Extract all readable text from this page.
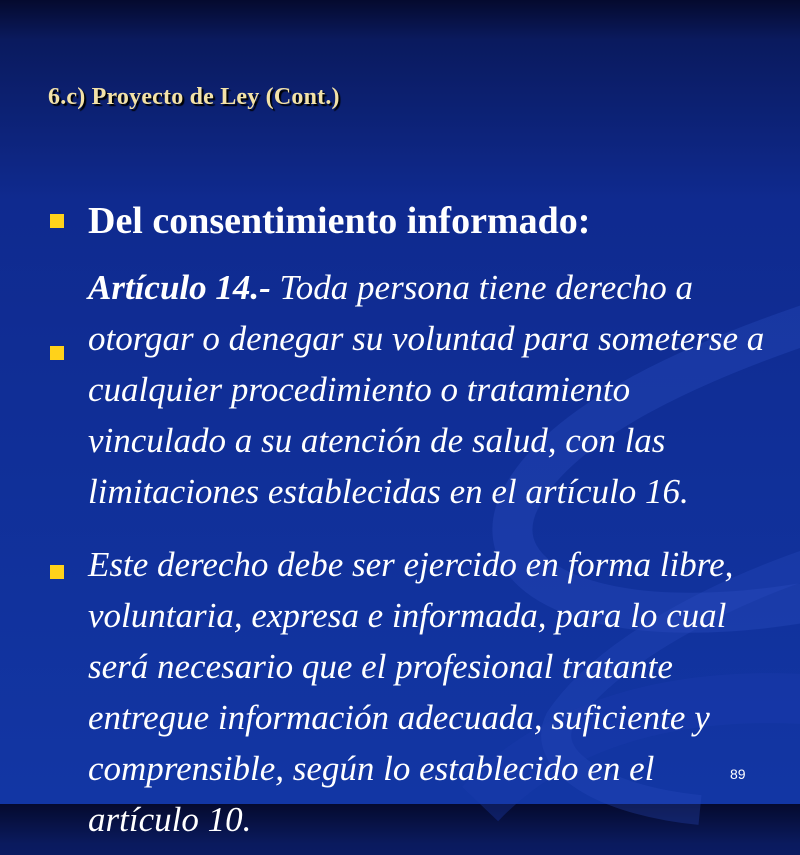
6.c) Proyecto de Ley (Cont.)
Del consentimiento informado:
Artículo 14.- Toda persona tiene derecho a otorgar o denegar su voluntad para someterse a cualquier procedimiento o tratamiento vinculado a su atención de salud, con las limitaciones establecidas en el artículo 16.
Este derecho debe ser ejercido en forma libre, voluntaria, expresa e informada, para lo cual será necesario que el profesional tratante entregue información adecuada, suficiente y comprensible, según lo establecido en el artículo 10.
89
